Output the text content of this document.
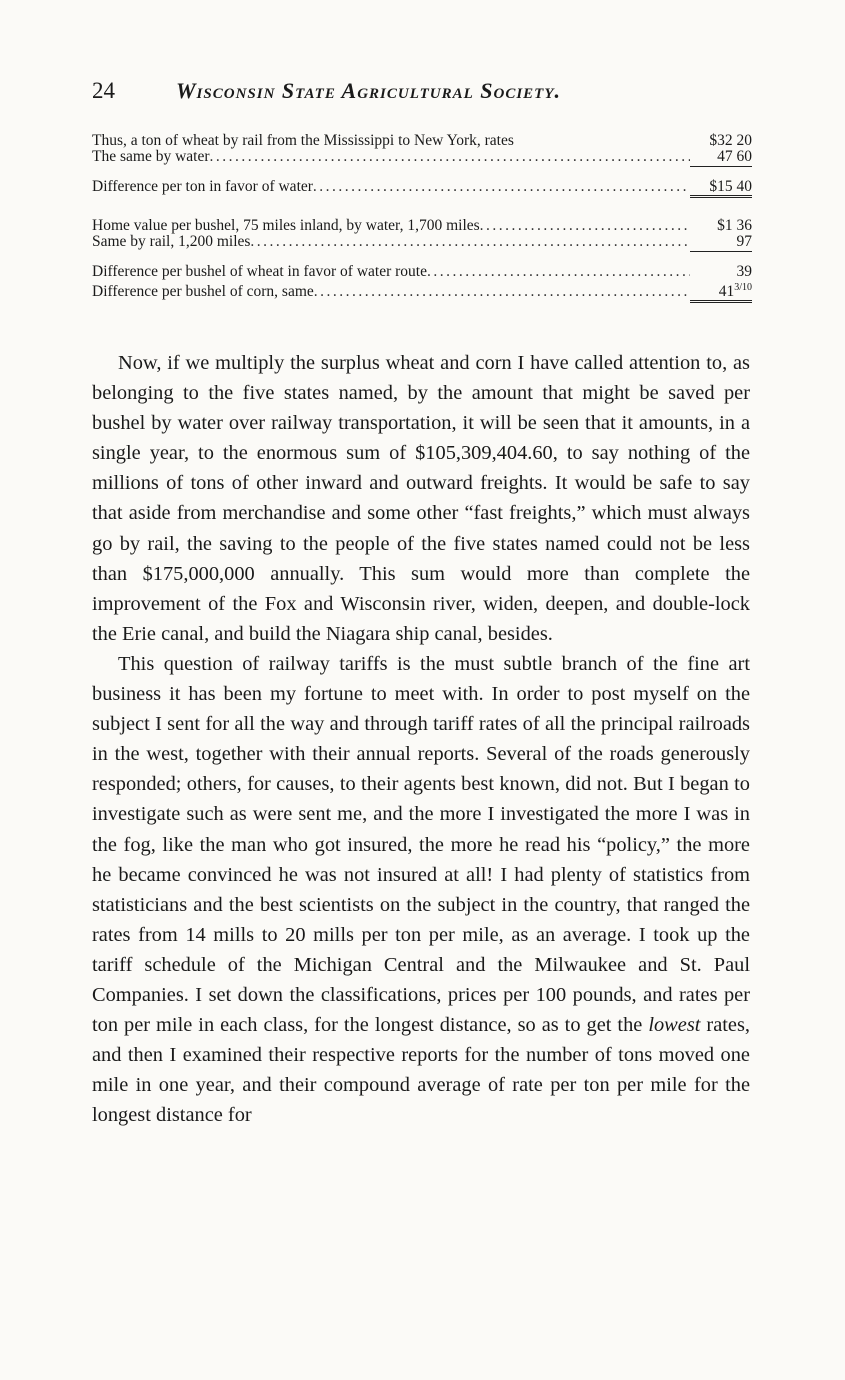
24	Wisconsin State Agricultural Society.
Thus, a ton of wheat by rail from the Mississippi to New York, rates	$32 20
The same by water .....	47 60
Difference per ton in favor of water .....	$15 40
Home value per bushel, 75 miles inland, by water, 1,700 miles .....	$1 36
Same by rail, 1,200 miles .....	97
Difference per bushel of wheat in favor of water route .....	39
Difference per bushel of corn, same .....	$41^{3/10}$

Now, if we multiply the surplus wheat and corn I have called attention to, as belonging to the five states named, by the amount that might be saved per bushel by water over railway transportation, it will be seen that it amounts, in a single year, to the enormous sum of $105,309,404.60, to say nothing of the millions of tons of other inward and outward freights. It would be safe to say that aside from merchandise and some other “fast freights,” which must always go by rail, the saving to the people of the five states named could not be less than $175,000,000 annually. This sum would more than complete the improvement of the Fox and Wisconsin river, widen, deepen, and double-lock the Erie canal, and build the Niagara ship canal, besides.

This question of railway tariffs is the must subtle branch of the fine art business it has been my fortune to meet with. In order to post myself on the subject I sent for all the way and through tariff rates of all the principal railroads in the west, together with their annual reports. Several of the roads generously responded; others, for causes, to their agents best known, did not. But I began to investigate such as were sent me, and the more I investigated the more I was in the fog, like the man who got insured, the more he read his “policy,” the more he became convinced he was not insured at all! I had plenty of statistics from statisticians and the best scientists on the subject in the country, that ranged the rates from 14 mills to 20 mills per ton per mile, as an average. I took up the tariff schedule of the Michigan Central and the Milwaukee and St. Paul Companies. I set down the classifications, prices per 100 pounds, and rates per ton per mile in each class, for the longest distance, so as to get the lowest rates, and then I examined their respective reports for the number of tons moved one mile in one year, and their compound average of rate per ton per mile for the longest distance for
